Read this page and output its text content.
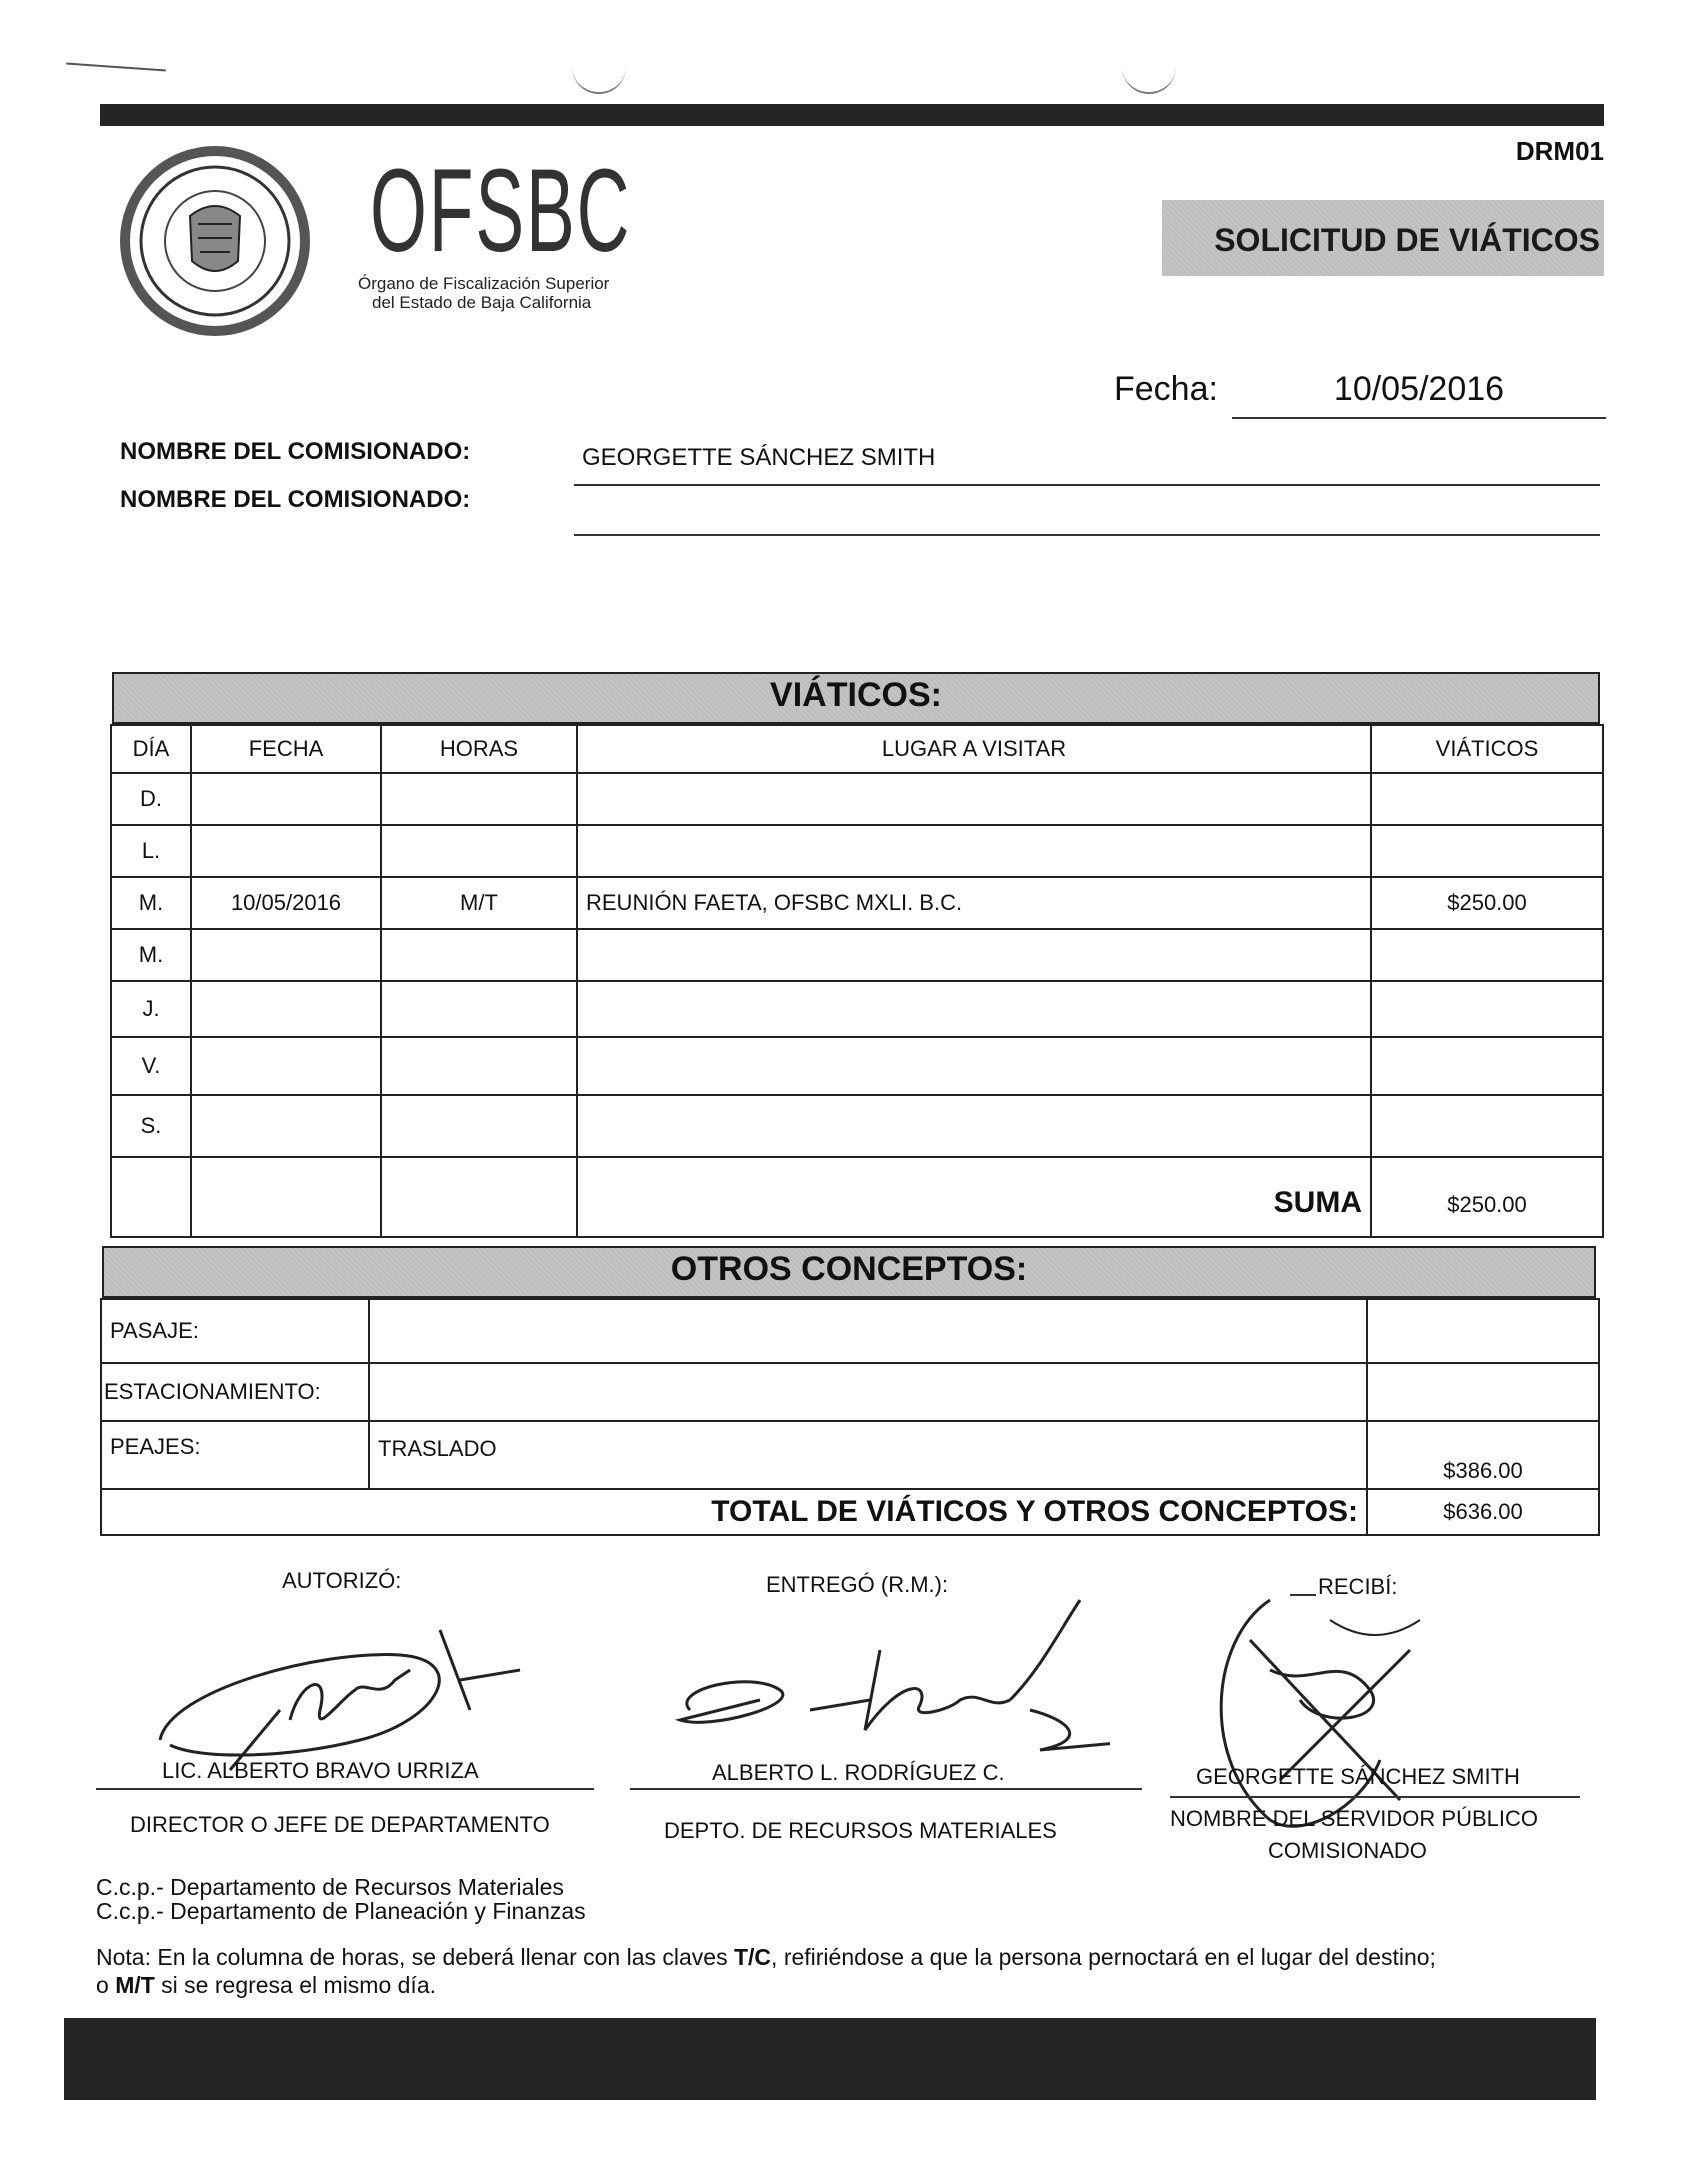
DRM01
OFSBC
Órgano de Fiscalización Superior
del Estado de Baja California
SOLICITUD DE VIÁTICOS
Fecha:	10/05/2016
NOMBRE DEL COMISIONADO:	GEORGETTE SÁNCHEZ SMITH
NOMBRE DEL COMISIONADO:
VIÁTICOS:
DÍA	FECHA	HORAS	LUGAR A VISITAR	VIÁTICOS
D.				
L.				
M.	10/05/2016	M/T	REUNIÓN FAETA, OFSBC MXLI. B.C.	$250.00
M.				
J.				
V.				
S.				
			SUMA	$250.00
OTROS CONCEPTOS:
PASAJE:		
ESTACIONAMIENTO:		
PEAJES:	TRASLADO	$386.00
TOTAL DE VIÁTICOS Y OTROS CONCEPTOS:		$636.00
AUTORIZÓ:	ENTREGÓ (R.M.):	RECIBÍ:
LIC. ALBERTO BRAVO URRIZA	ALBERTO L. RODRÍGUEZ C.	GEORGETTE SÁNCHEZ SMITH
DIRECTOR O JEFE DE DEPARTAMENTO	DEPTO. DE RECURSOS MATERIALES	NOMBRE DEL SERVIDOR PÚBLICO
COMISIONADO
C.c.p.- Departamento de Recursos Materiales
C.c.p.- Departamento de Planeación y Finanzas
Nota: En la columna de horas, se deberá llenar con las claves T/C, refiriéndose a que la persona pernoctará en el lugar del destino;
o M/T si se regresa el mismo día.
